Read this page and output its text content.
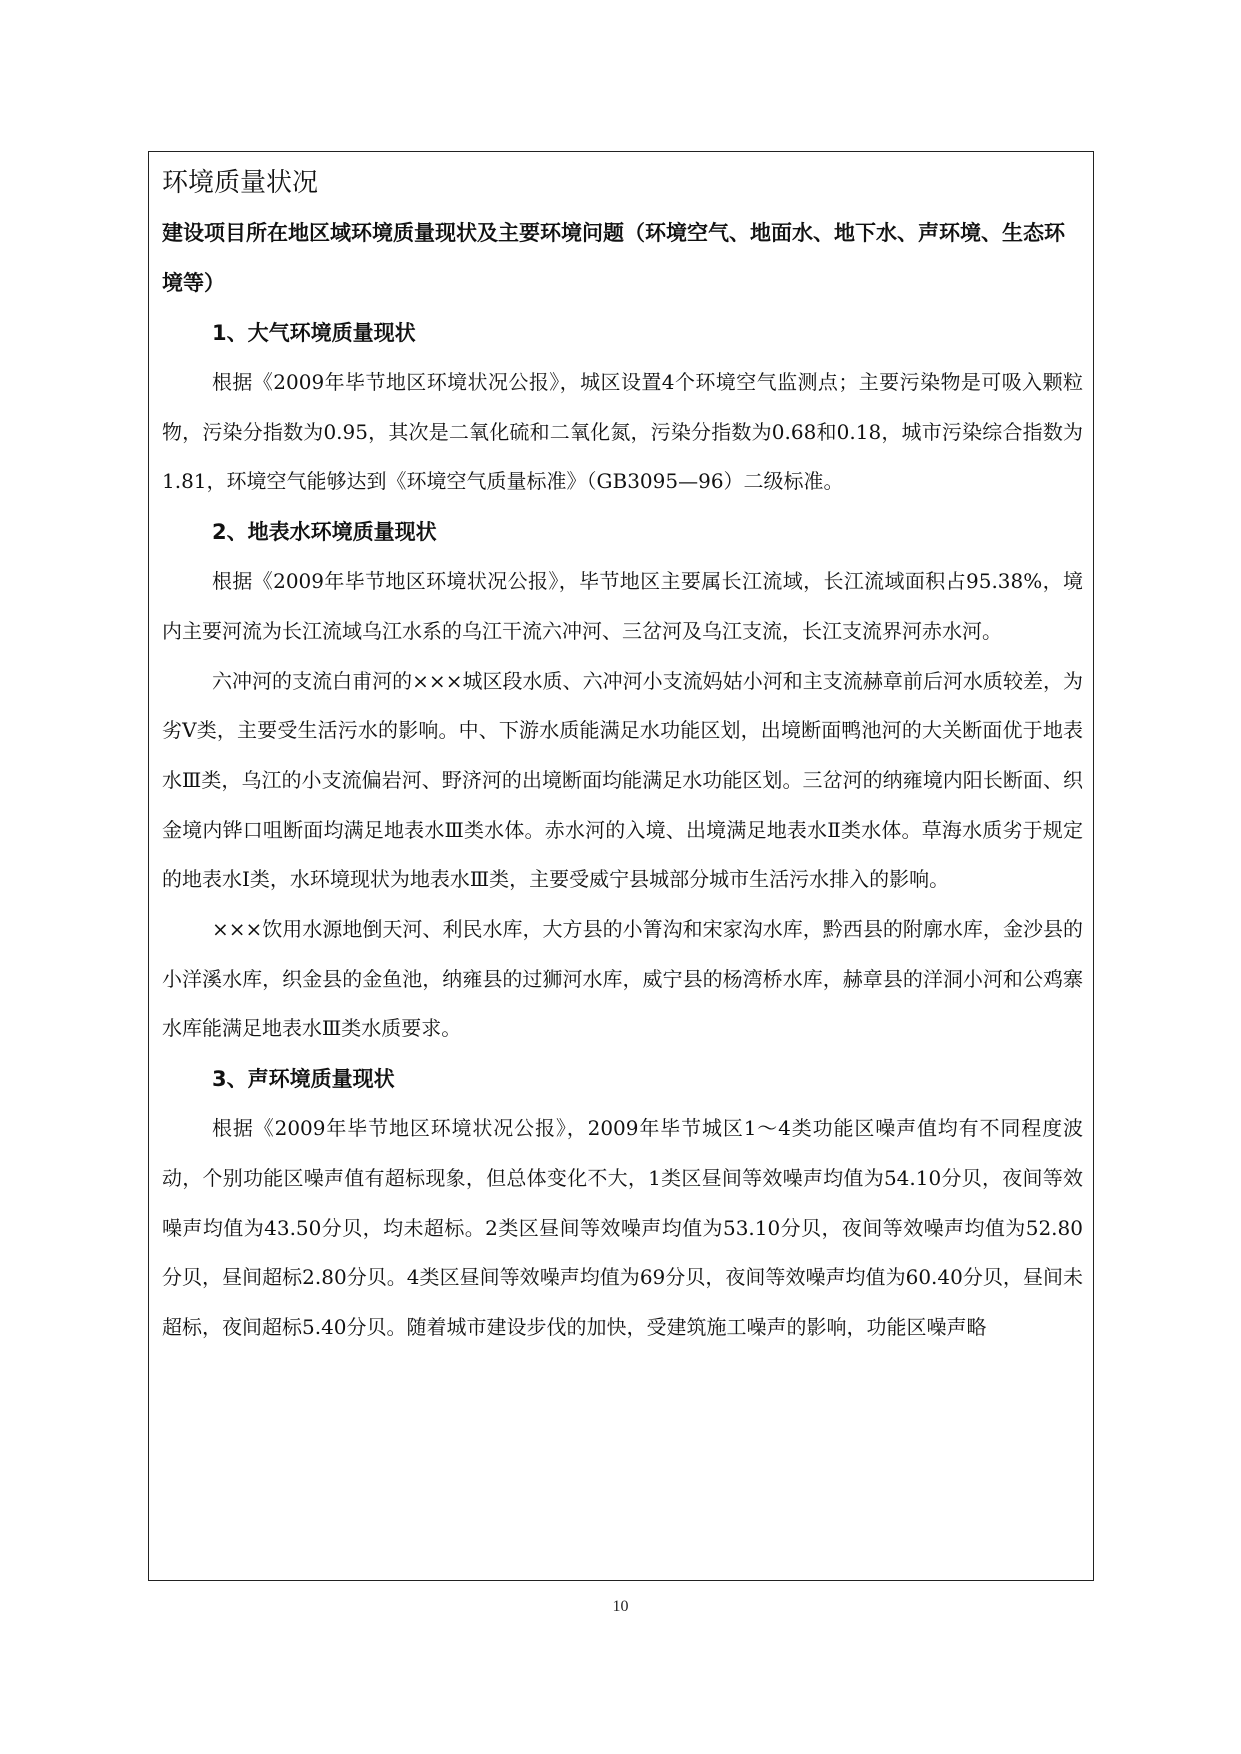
环境质量状况

建设项目所在地区域环境质量现状及主要环境问题（环境空气、地面水、地下水、声环境、生态环境等）

1、大气环境质量现状

根据《2009年毕节地区环境状况公报》，城区设置4个环境空气监测点；主要污染物是可吸入颗粒物，污染分指数为0.95，其次是二氧化硫和二氧化氮，污染分指数为0.68和0.18，城市污染综合指数为1.81，环境空气能够达到《环境空气质量标准》（GB3095—96）二级标准。

2、地表水环境质量现状

根据《2009年毕节地区环境状况公报》，毕节地区主要属长江流域，长江流域面积占95.38%，境内主要河流为长江流域乌江水系的乌江干流六冲河、三岔河及乌江支流，长江支流界河赤水河。

六冲河的支流白甫河的×××城区段水质、六冲河小支流妈姑小河和主支流赫章前后河水质较差，为劣Ⅴ类，主要受生活污水的影响。中、下游水质能满足水功能区划，出境断面鸭池河的大关断面优于地表水Ⅲ类，乌江的小支流偏岩河、野济河的出境断面均能满足水功能区划。三岔河的纳雍境内阳长断面、织金境内铧口咀断面均满足地表水Ⅲ类水体。赤水河的入境、出境满足地表水Ⅱ类水体。草海水质劣于规定的地表水Ⅰ类，水环境现状为地表水Ⅲ类，主要受威宁县城部分城市生活污水排入的影响。

×××饮用水源地倒天河、利民水库，大方县的小箐沟和宋家沟水库，黔西县的附廓水库，金沙县的小洋溪水库，织金县的金鱼池，纳雍县的过狮河水库，威宁县的杨湾桥水库，赫章县的洋洞小河和公鸡寨水库能满足地表水Ⅲ类水质要求。

3、声环境质量现状

根据《2009年毕节地区环境状况公报》，2009年毕节城区1～4类功能区噪声值均有不同程度波动，个别功能区噪声值有超标现象，但总体变化不大，1类区昼间等效噪声均值为54.10分贝，夜间等效噪声均值为43.50分贝，均未超标。2类区昼间等效噪声均值为53.10分贝，夜间等效噪声均值为52.80分贝，昼间超标2.80分贝。4类区昼间等效噪声均值为69分贝，夜间等效噪声均值为60.40分贝，昼间未超标，夜间超标5.40分贝。随着城市建设步伐的加快，受建筑施工噪声的影响，功能区噪声略

10
